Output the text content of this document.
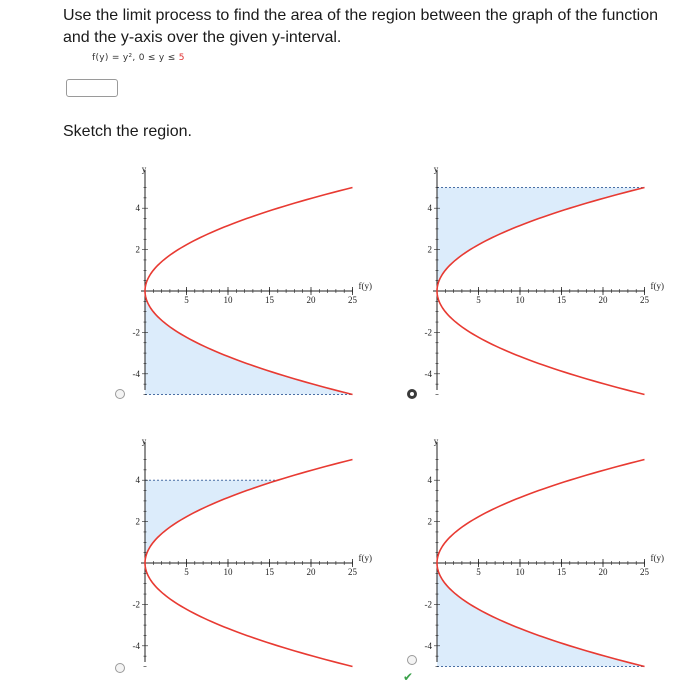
Use the limit process to find the area of the region between the graph of the function and the y-axis over the given y-interval.
f(y) = y², 0 ≤ y ≤ 5
Sketch the region.
5	10	15	20	25
-4
-2
2
4
y
f(y)
5	10	15	20	25
-4
-2
2
4
y
f(y)
5	10	15	20	25
-4
-2
2
4
y
f(y)
5	10	15	20	25
-4
-2
2
4
y
f(y)
✔
